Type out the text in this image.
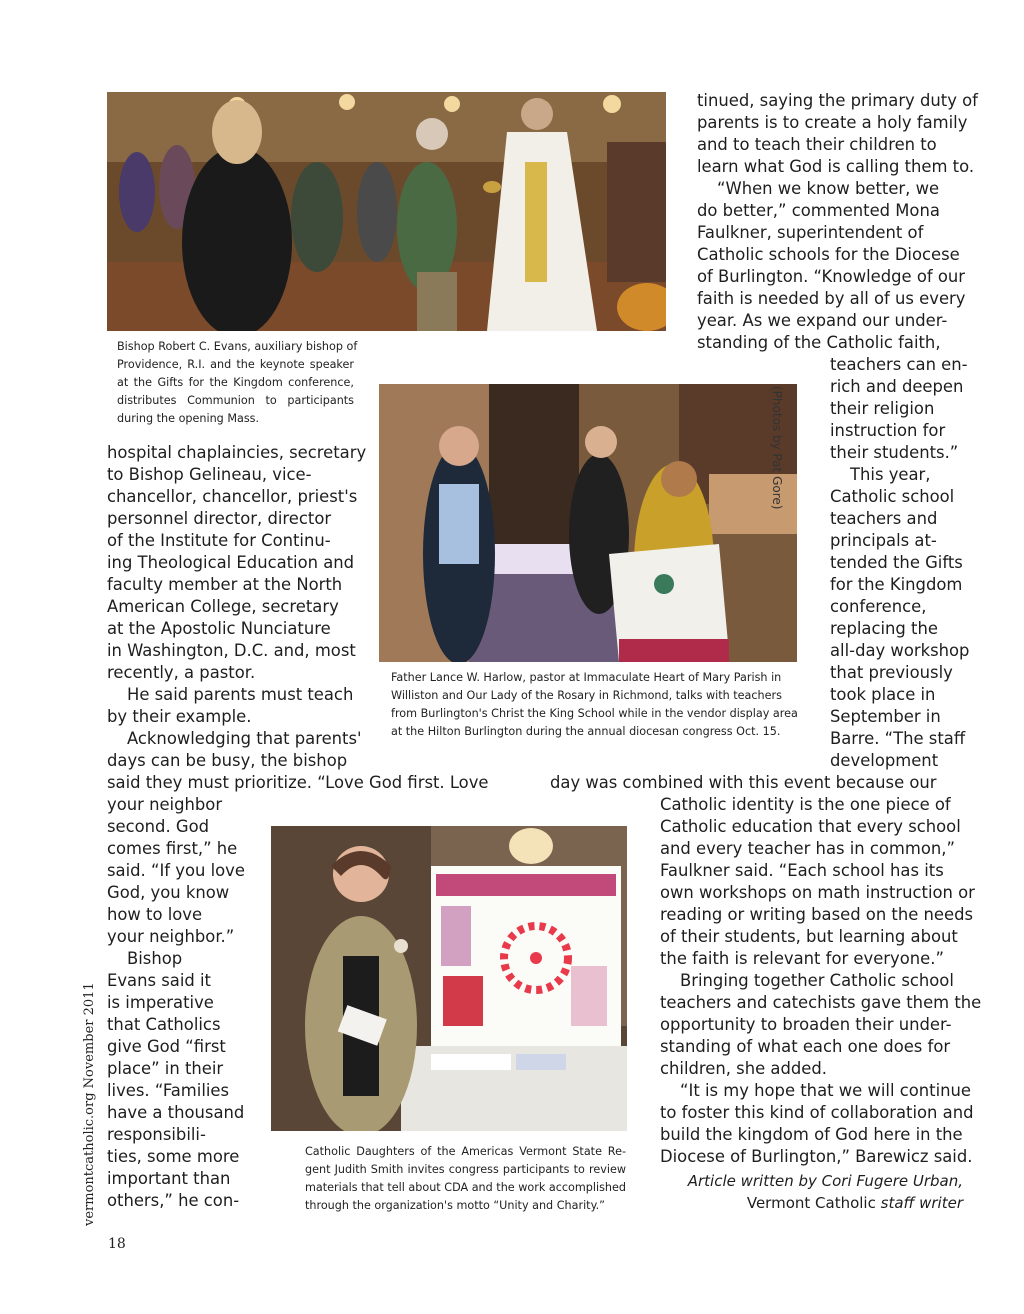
Bishop Robert C. Evans, auxiliary bishop of
Providence, R.I. and the keynote speaker
at the Gifts for the Kingdom conference,
distributes Communion to participants
during the opening Mass.	(Photos by Pat Gore)
Father Lance W. Harlow, pastor at Immaculate Heart of Mary Parish in
Williston and Our Lady of the Rosary in Richmond, talks with teachers
from Burlington's Christ the King School while in the vendor display area
at the Hilton Burlington during the annual diocesan congress Oct. 15.
Catholic Daughters of the Americas Vermont State Re-
gent Judith Smith invites congress participants to review
materials that tell about CDA and the work accomplished
through the organization's motto “Unity and Charity.”
tinued, saying the primary duty of
parents is to create a holy family
and to teach their children to
learn what God is calling them to.
“When we know better, we
do better,” commented Mona
Faulkner, superintendent of
Catholic schools for the Diocese
of Burlington. “Knowledge of our
faith is needed by all of us every
year. As we expand our under-
standing of the Catholic faith,
teachers can en-
rich and deepen
their religion
instruction for
their students.”
This year,
Catholic school
teachers and
principals at-
tended the Gifts
for the Kingdom
conference,
replacing the
all-day workshop
that previously
took place in
September in
Barre. “The staff
development
hospital chaplaincies, secretary
to Bishop Gelineau, vice-
chancellor, chancellor, priest's
personnel director, director
of the Institute for Continu-
ing Theological Education and
faculty member at the North
American College, secretary
at the Apostolic Nunciature
in Washington, D.C. and, most
recently, a pastor.
He said parents must teach
by their example.
Acknowledging that parents'
days can be busy, the bishop
said they must prioritize. “Love God first. Love	day was combined with this event because our
your neighbor
second. God
comes first,” he
said. “If you love
God, you know
how to love
your neighbor.”
Bishop
Evans said it
is imperative
that Catholics
give God “first
place” in their
lives. “Families
have a thousand
responsibili-
ties, some more
important than
others,” he con-
Catholic identity is the one piece of
Catholic education that every school
and every teacher has in common,”
Faulkner said. “Each school has its
own workshops on math instruction or
reading or writing based on the needs
of their students, but learning about
the faith is relevant for everyone.”
Bringing together Catholic school
teachers and catechists gave them the
opportunity to broaden their under-
standing of what each one does for
children, she added.
“It is my hope that we will continue
to foster this kind of collaboration and
build the kingdom of God here in the
Diocese of Burlington,” Barewicz said.
Article written by Cori Fugere Urban,
Vermont Catholic staff writer
vermontcatholic.org November 2011
18
